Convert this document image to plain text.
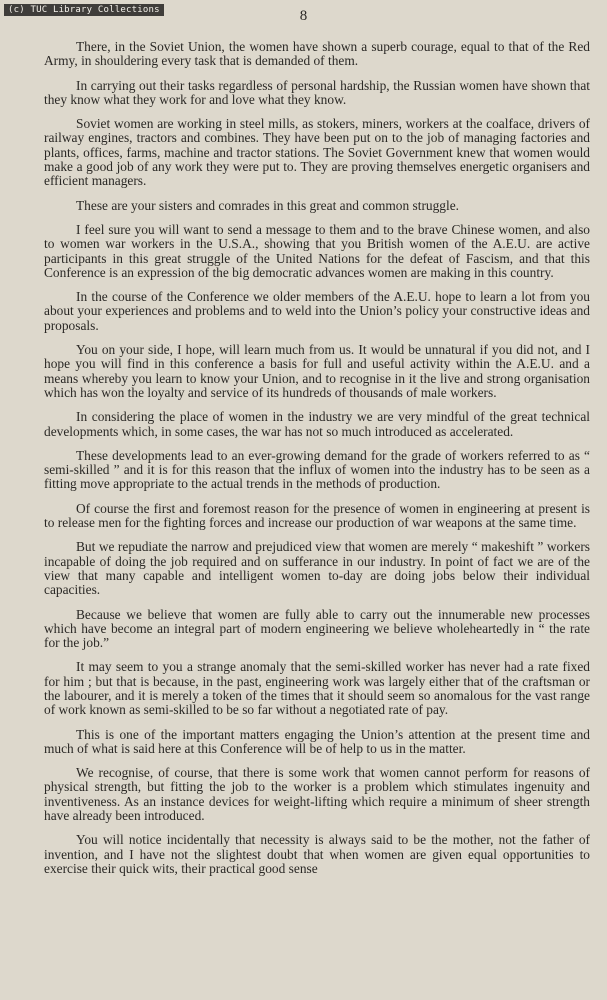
(c) TUC Library Collections	8

There, in the Soviet Union, the women have shown a superb courage, equal to that of the Red Army, in shouldering every task that is demanded of them.

In carrying out their tasks regardless of personal hardship, the Russian women have shown that they know what they work for and love what they know.

Soviet women are working in steel mills, as stokers, miners, workers at the coalface, drivers of railway engines, tractors and combines. They have been put on to the job of managing factories and plants, offices, farms, machine and tractor stations. The Soviet Government knew that women would make a good job of any work they were put to. They are proving themselves energetic organisers and efficient managers.

These are your sisters and comrades in this great and common struggle.

I feel sure you will want to send a message to them and to the brave Chinese women, and also to women war workers in the U.S.A., showing that you British women of the A.E.U. are active participants in this great struggle of the United Nations for the defeat of Fascism, and that this Conference is an expression of the big democratic advances women are making in this country.

In the course of the Conference we older members of the A.E.U. hope to learn a lot from you about your experiences and problems and to weld into the Union’s policy your constructive ideas and proposals.

You on your side, I hope, will learn much from us. It would be unnatural if you did not, and I hope you will find in this conference a basis for full and useful activity within the A.E.U. and a means whereby you learn to know your Union, and to recognise in it the live and strong organisation which has won the loyalty and service of its hundreds of thousands of male workers.

In considering the place of women in the industry we are very mindful of the great technical developments which, in some cases, the war has not so much introduced as accelerated.

These developments lead to an ever-growing demand for the grade of workers referred to as “ semi-skilled ” and it is for this reason that the influx of women into the industry has to be seen as a fitting move appropriate to the actual trends in the methods of production.

Of course the first and foremost reason for the presence of women in engineering at present is to release men for the fighting forces and increase our production of war weapons at the same time.

But we repudiate the narrow and prejudiced view that women are merely “ makeshift ” workers incapable of doing the job required and on sufferance in our industry. In point of fact we are of the view that many capable and intelligent women to-day are doing jobs below their individual capacities.

Because we believe that women are fully able to carry out the innumerable new processes which have become an integral part of modern engineering we believe wholeheartedly in “ the rate for the job.”

It may seem to you a strange anomaly that the semi-skilled worker has never had a rate fixed for him ; but that is because, in the past, engineering work was largely either that of the craftsman or the labourer, and it is merely a token of the times that it should seem so anomalous for the vast range of work known as semi-skilled to be so far without a negotiated rate of pay.

This is one of the important matters engaging the Union’s attention at the present time and much of what is said here at this Conference will be of help to us in the matter.

We recognise, of course, that there is some work that women cannot perform for reasons of physical strength, but fitting the job to the worker is a problem which stimulates ingenuity and inventiveness. As an instance devices for weight-lifting which require a minimum of sheer strength have already been introduced.

You will notice incidentally that necessity is always said to be the mother, not the father of invention, and I have not the slightest doubt that when women are given equal opportunities to exercise their quick wits, their practical good sense
